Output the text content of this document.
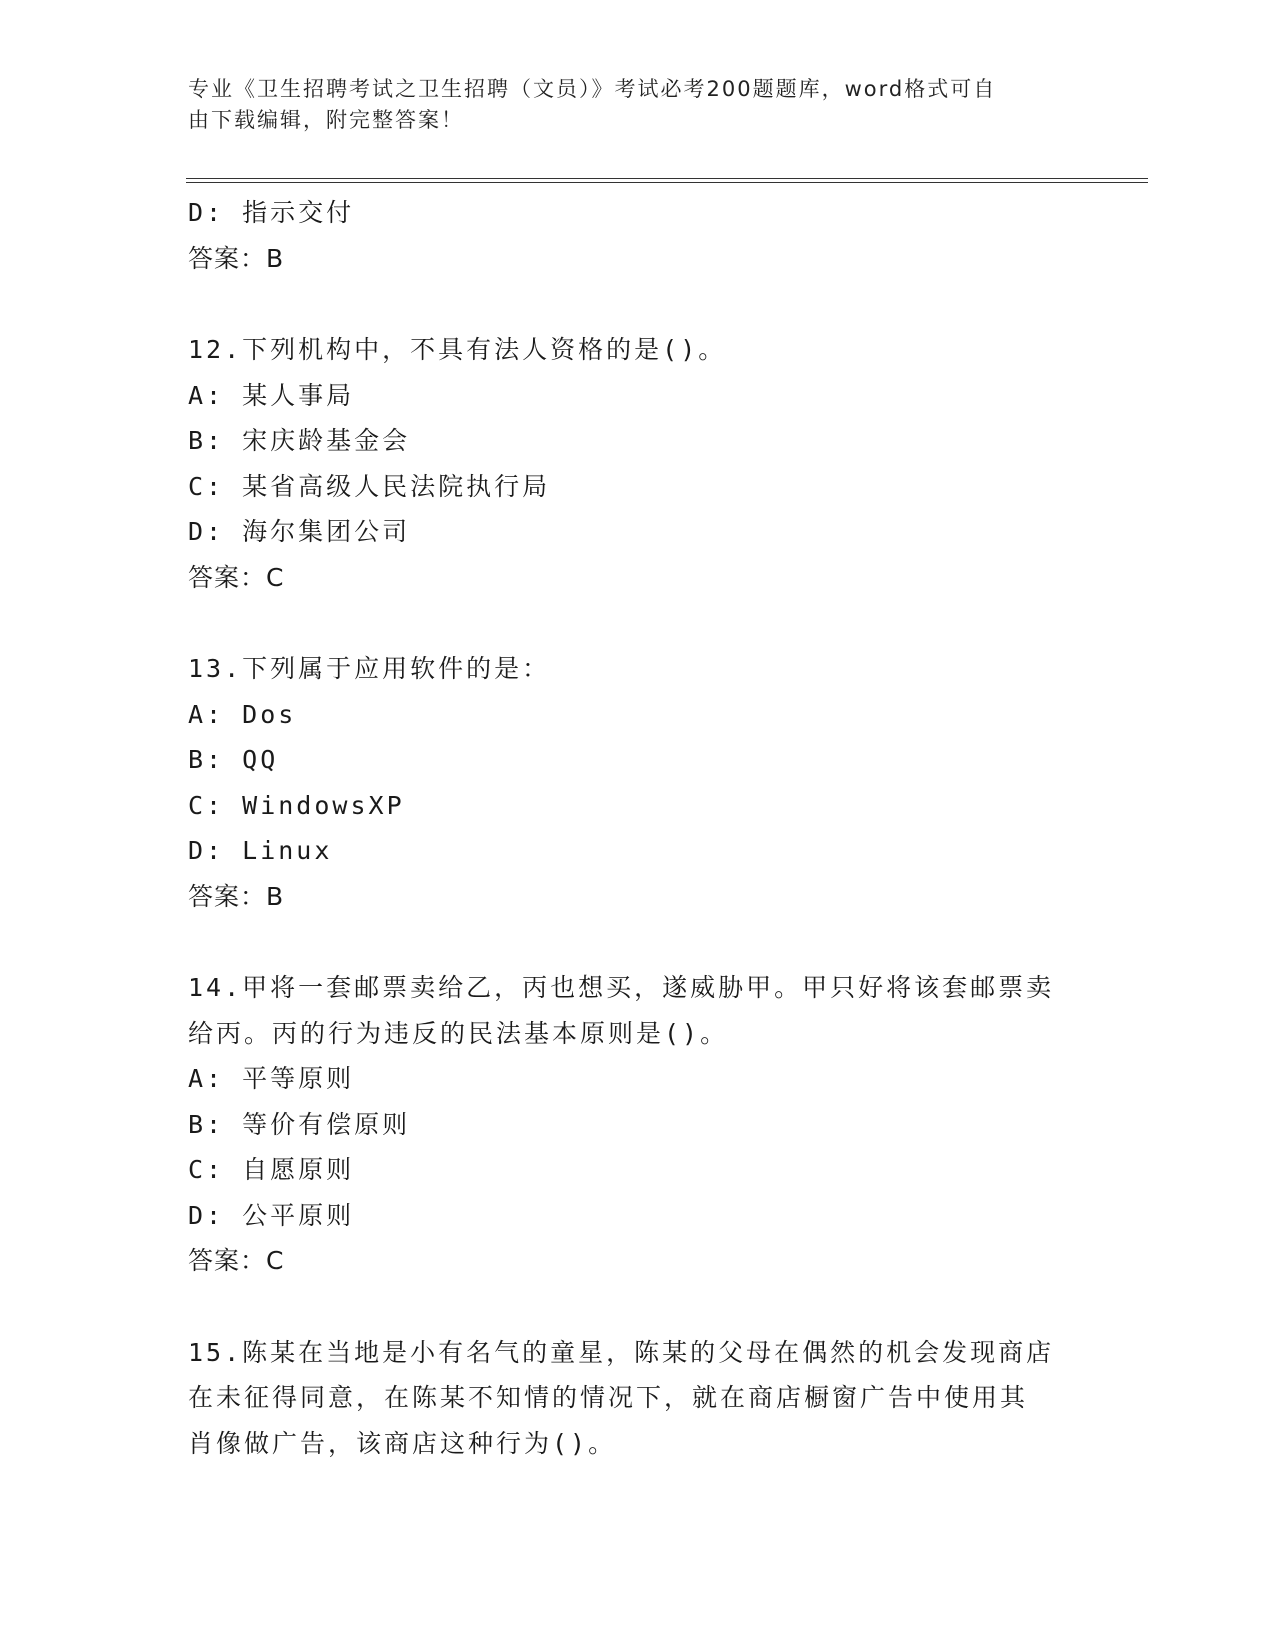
专业《卫生招聘考试之卫生招聘（文员）》考试必考200题题库，word格式可自
由下载编辑，附完整答案！
D: 指示交付
答案：B
12.下列机构中，不具有法人资格的是()。
A: 某人事局
B: 宋庆龄基金会
C: 某省高级人民法院执行局
D: 海尔集团公司
答案：C
13.下列属于应用软件的是：
A: Dos
B: QQ
C: WindowsXP
D: Linux
答案：B
14.甲将一套邮票卖给乙，丙也想买，遂威胁甲。甲只好将该套邮票卖
给丙。丙的行为违反的民法基本原则是()。
A: 平等原则
B: 等价有偿原则
C: 自愿原则
D: 公平原则
答案：C
15.陈某在当地是小有名气的童星，陈某的父母在偶然的机会发现商店
在未征得同意，在陈某不知情的情况下，就在商店橱窗广告中使用其
肖像做广告，该商店这种行为()。
